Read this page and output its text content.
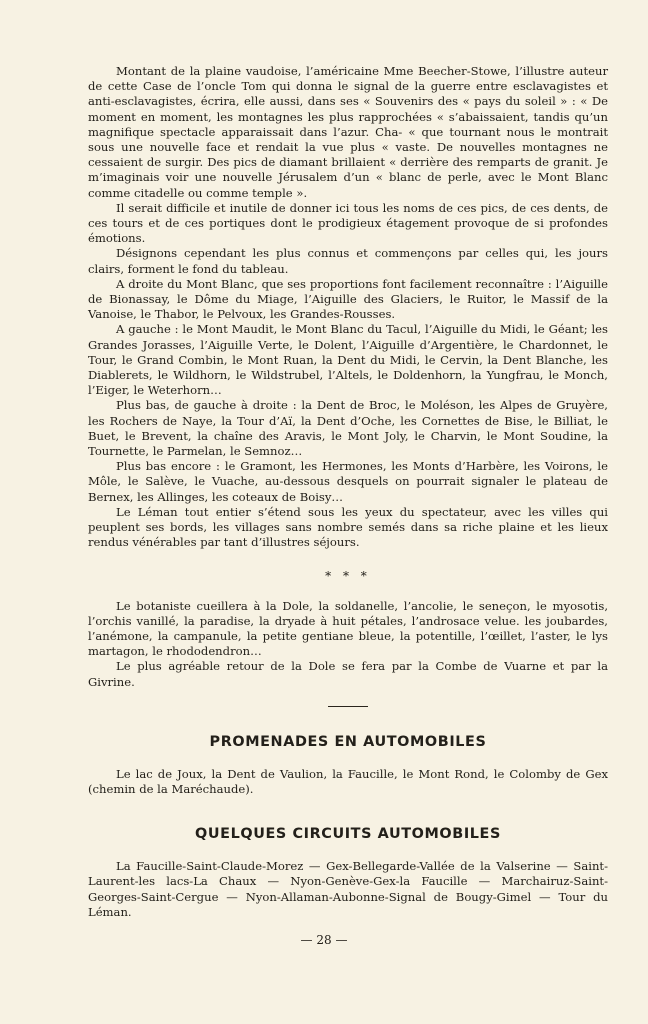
Montant de la plaine vaudoise, l’américaine Mme Beecher-Stowe, l’illustre auteur de cette Case de l’oncle Tom qui donna le signal de la guerre entre esclavagistes et anti-esclavagistes, écrira, elle aussi, dans ses « Souvenirs des « pays du soleil » : « De moment en moment, les montagnes les plus rapprochées « s’abaissaient, tandis qu’un magnifique spectacle apparaissait dans l’azur. Cha- « que tournant nous le montrait sous une nouvelle face et rendait la vue plus « vaste. De nouvelles montagnes ne cessaient de surgir. Des pics de diamant brillaient « derrière des remparts de granit. Je m’imaginais voir une nouvelle Jérusalem d’un « blanc de perle, avec le Mont Blanc comme citadelle ou comme temple ».

Il serait difficile et inutile de donner ici tous les noms de ces pics, de ces dents, de ces tours et de ces portiques dont le prodigieux étagement provoque de si profondes émotions.

Désignons cependant les plus connus et commençons par celles qui, les jours clairs, forment le fond du tableau.

A droite du Mont Blanc, que ses proportions font facilement reconnaître : l’Aiguille de Bionassay, le Dôme du Miage, l’Aiguille des Glaciers, le Ruitor, le Massif de la Vanoise, le Thabor, le Pelvoux, les Grandes-Rousses.

A gauche : le Mont Maudit, le Mont Blanc du Tacul, l’Aiguille du Midi, le Géant; les Grandes Jorasses, l’Aiguille Verte, le Dolent, l’Aiguille d’Argentière, le Chardonnet, le Tour, le Grand Combin, le Mont Ruan, la Dent du Midi, le Cervin, la Dent Blanche, les Diablerets, le Wildhorn, le Wildstrubel, l’Altels, le Doldenhorn, la Yungfrau, le Monch, l’Eiger, le Weterhorn…

Plus bas, de gauche à droite : la Dent de Broc, le Moléson, les Alpes de Gruyère, les Rochers de Naye, la Tour d’Aï, la Dent d’Oche, les Cornettes de Bise, le Billiat, le Buet, le Brevent, la chaîne des Aravis, le Mont Joly, le Charvin, le Mont Soudine, la Tournette, le Parmelan, le Semnoz…

Plus bas encore : le Gramont, les Hermones, les Monts d’Harbère, les Voirons, le Môle, le Salève, le Vuache, au-dessous desquels on pourrait signaler le plateau de Bernex, les Allinges, les coteaux de Boisy…

Le Léman tout entier s’étend sous les yeux du spectateur, avec les villes qui peuplent ses bords, les villages sans nombre semés dans sa riche plaine et les lieux rendus vénérables par tant d’illustres séjours.

* * *

Le botaniste cueillera à la Dole, la soldanelle, l’ancolie, le seneçon, le myosotis, l’orchis vanillé, la paradise, la dryade à huit pétales, l’androsace velue. les joubardes, l’anémone, la campanule, la petite gentiane bleue, la potentille, l’œillet, l’aster, le lys martagon, le rhododendron…

Le plus agréable retour de la Dole se fera par la Combe de Vuarne et par la Givrine.

PROMENADES EN AUTOMOBILES

Le lac de Joux, la Dent de Vaulion, la Faucille, le Mont Rond, le Colomby de Gex (chemin de la Maréchaude).

QUELQUES CIRCUITS AUTOMOBILES

La Faucille-Saint-Claude-Morez — Gex-Bellegarde-Vallée de la Valserine — Saint-Laurent-les lacs-La Chaux — Nyon-Genève-Gex-la Faucille — Marchairuz-Saint-Georges-Saint-Cergue — Nyon-Allaman-Aubonne-Signal de Bougy-Gimel — Tour du Léman.

— 28 —
